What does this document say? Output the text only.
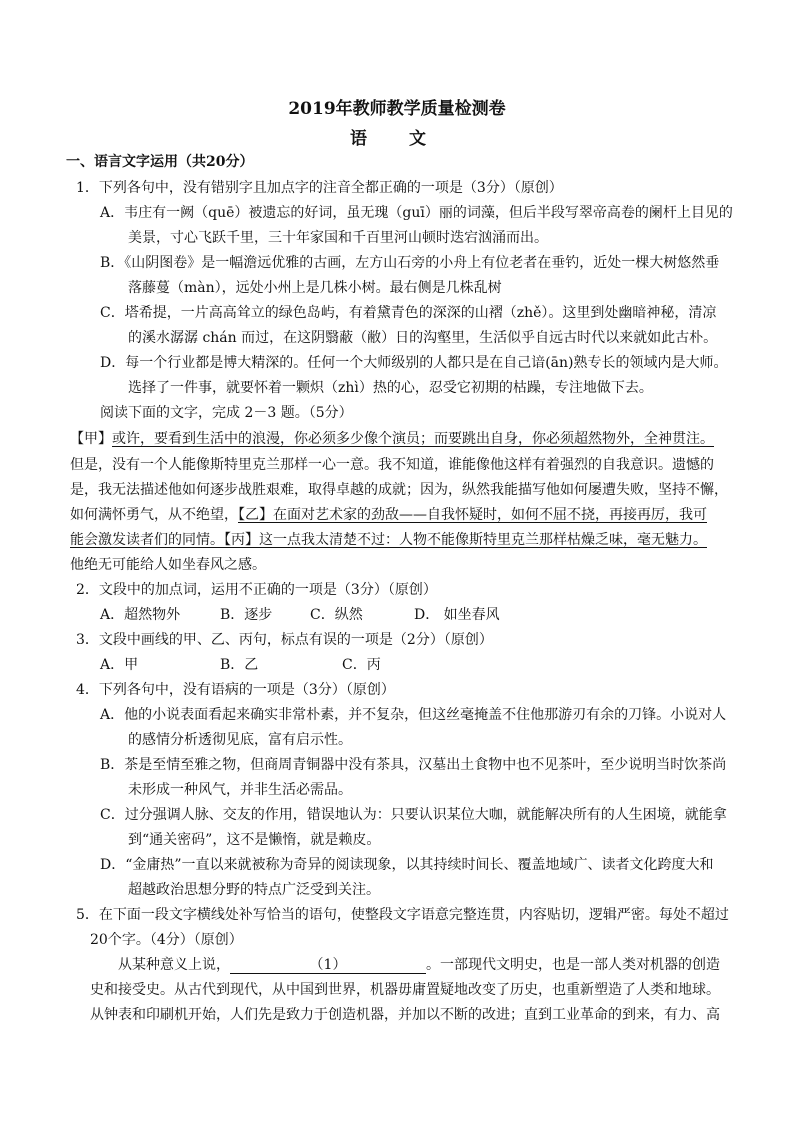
2019年教师教学质量检测卷
语 文
一、语言文字运用（共20分）
1．下列各句中，没有错别字且加点字的注音全都正确的一项是（3分）（原创）
A．韦庄有一阙（quē）被遗忘的好词，虽无瑰（guī）丽的词藻，但后半段写翠帝高卷的阑杆上目见的
美景，寸心飞跃千里，三十年家国和千百里河山顿时迭宕汹涌而出。
B．《山阴图卷》是一幅澹远优雅的古画，左方山石旁的小舟上有位老者在垂钓，近处一棵大树悠然垂
落藤蔓（màn），远处小州上是几株小树。最右侧是几株乱树
C．塔希提，一片高高耸立的绿色岛屿，有着黛青色的深深的山褶（zhě）。这里到处幽暗神秘，清凉
的溪水潺潺 chán 而过，在这阴翳蔽（敝）日的沟壑里，生活似乎自远古时代以来就如此古朴。
D．每一个行业都是博大精深的。任何一个大师级别的人都只是在自己谙(ān)熟专长的领域内是大师。
选择了一件事，就要怀着一颗炽（zhì）热的心，忍受它初期的枯躁，专注地做下去。
阅读下面的文字，完成 2－3 题。（5分）
【甲】或许，要看到生活中的浪漫，你必须多少像个演员；而要跳出自身，你必须超然物外，全神贯注。
但是，没有一个人能像斯特里克兰那样一心一意。我不知道，谁能像他这样有着强烈的自我意识。遗憾的
是，我无法描述他如何逐步战胜艰难，取得卓越的成就；因为，纵然我能描写他如何屡遭失败，坚持不懈，
如何满怀勇气，从不绝望，【乙】在面对艺术家的劲敌——自我怀疑时，如何不屈不挠，再接再厉，我可
能会激发读者们的同情。【丙】这一点我太清楚不过：人物不能像斯特里克兰那样枯燥乏味，毫无魅力。
他绝无可能给人如坐春风之感。
2．文段中的加点词，运用不正确的一项是（3分）（原创）
A．超然物外	B．逐步	C．纵然	D． 如坐春风
3．文段中画线的甲、乙、丙句，标点有误的一项是（2分）（原创）
A．甲	B．乙	C．丙
4．下列各句中，没有语病的一项是（3分）（原创）
A．他的小说表面看起来确实非常朴素，并不复杂，但这丝毫掩盖不住他那游刃有余的刀锋。小说对人
的感情分析透彻见底，富有启示性。
B．茶是至情至雅之物，但商周青铜器中没有茶具，汉墓出土食物中也不见茶叶，至少说明当时饮茶尚
未形成一种风气，并非生活必需品。
C．过分强调人脉、交友的作用，错误地认为：只要认识某位大咖，就能解决所有的人生困境，就能拿
到“通关密码”，这不是懒惰，就是赖皮。
D．“金庸热”一直以来就被称为奇异的阅读现象，以其持续时间长、覆盖地域广、读者文化跨度大和
超越政治思想分野的特点广泛受到关注。
5．在下面一段文字横线处补写恰当的语句，使整段文字语意完整连贯，内容贴切，逻辑严密。每处不超过
20个字。（4分）（原创）
从某种意义上说，	（1）	。一部现代文明史，也是一部人类对机器的创造
史和接受史。从古代到现代，从中国到世界，机器毋庸置疑地改变了历史，也重新塑造了人类和地球。
从钟表和印刷机开始，人们先是致力于创造机器，并加以不断的改进；直到工业革命的到来，有力、高
